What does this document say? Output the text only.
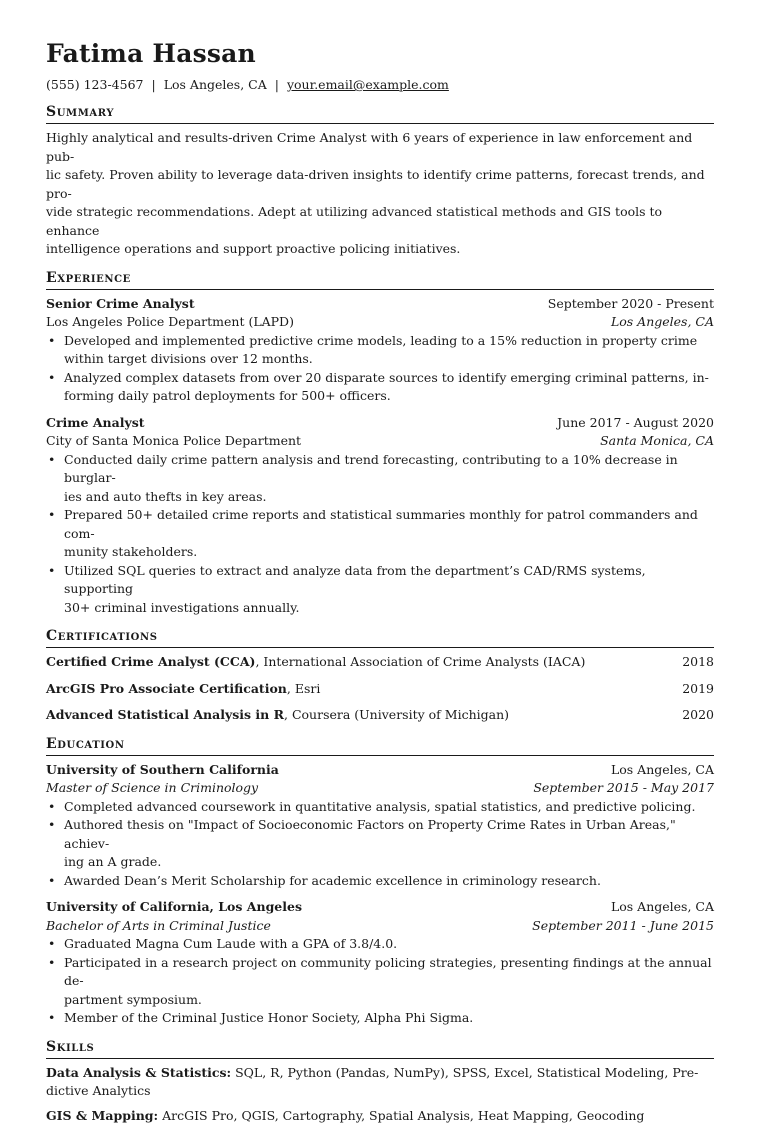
Fatima Hassan
(555) 123-4567 | Los Angeles, CA | your.email@example.com
Summary

Highly analytical and results-driven Crime Analyst with 6 years of experience in law enforcement and pub-
lic safety. Proven ability to leverage data-driven insights to identify crime patterns, forecast trends, and pro-
vide strategic recommendations. Adept at utilizing advanced statistical methods and GIS tools to enhance
intelligence operations and support proactive policing initiatives.

Experience
Senior Crime Analyst	September 2020 - Present
Los Angeles Police Department (LAPD)	Los Angeles, CA
• Developed and implemented predictive crime models, leading to a 15% reduction in property crime
within target divisions over 12 months.
• Analyzed complex datasets from over 20 disparate sources to identify emerging criminal patterns, in-
forming daily patrol deployments for 500+ officers.
Crime Analyst	June 2017 - August 2020
City of Santa Monica Police Department	Santa Monica, CA
• Conducted daily crime pattern analysis and trend forecasting, contributing to a 10% decrease in burglar-
ies and auto thefts in key areas.
• Prepared 50+ detailed crime reports and statistical summaries monthly for patrol commanders and com-
munity stakeholders.
• Utilized SQL queries to extract and analyze data from the department’s CAD/RMS systems, supporting
30+ criminal investigations annually.
Certifications
Certified Crime Analyst (CCA), International Association of Crime Analysts (IACA)	2018
ArcGIS Pro Associate Certification, Esri	2019
Advanced Statistical Analysis in R, Coursera (University of Michigan)	2020
Education
University of Southern California	Los Angeles, CA
Master of Science in Criminology	September 2015 - May 2017
• Completed advanced coursework in quantitative analysis, spatial statistics, and predictive policing.
• Authored thesis on "Impact of Socioeconomic Factors on Property Crime Rates in Urban Areas," achiev-
ing an A grade.
• Awarded Dean’s Merit Scholarship for academic excellence in criminology research.
University of California, Los Angeles	Los Angeles, CA
Bachelor of Arts in Criminal Justice	September 2011 - June 2015
• Graduated Magna Cum Laude with a GPA of 3.8/4.0.
• Participated in a research project on community policing strategies, presenting findings at the annual de-
partment symposium.
• Member of the Criminal Justice Honor Society, Alpha Phi Sigma.
Skills

Data Analysis & Statistics: SQL, R, Python (Pandas, NumPy), SPSS, Excel, Statistical Modeling, Pre-
dictive Analytics

GIS & Mapping: ArcGIS Pro, QGIS, Cartography, Spatial Analysis, Heat Mapping, Geocoding
